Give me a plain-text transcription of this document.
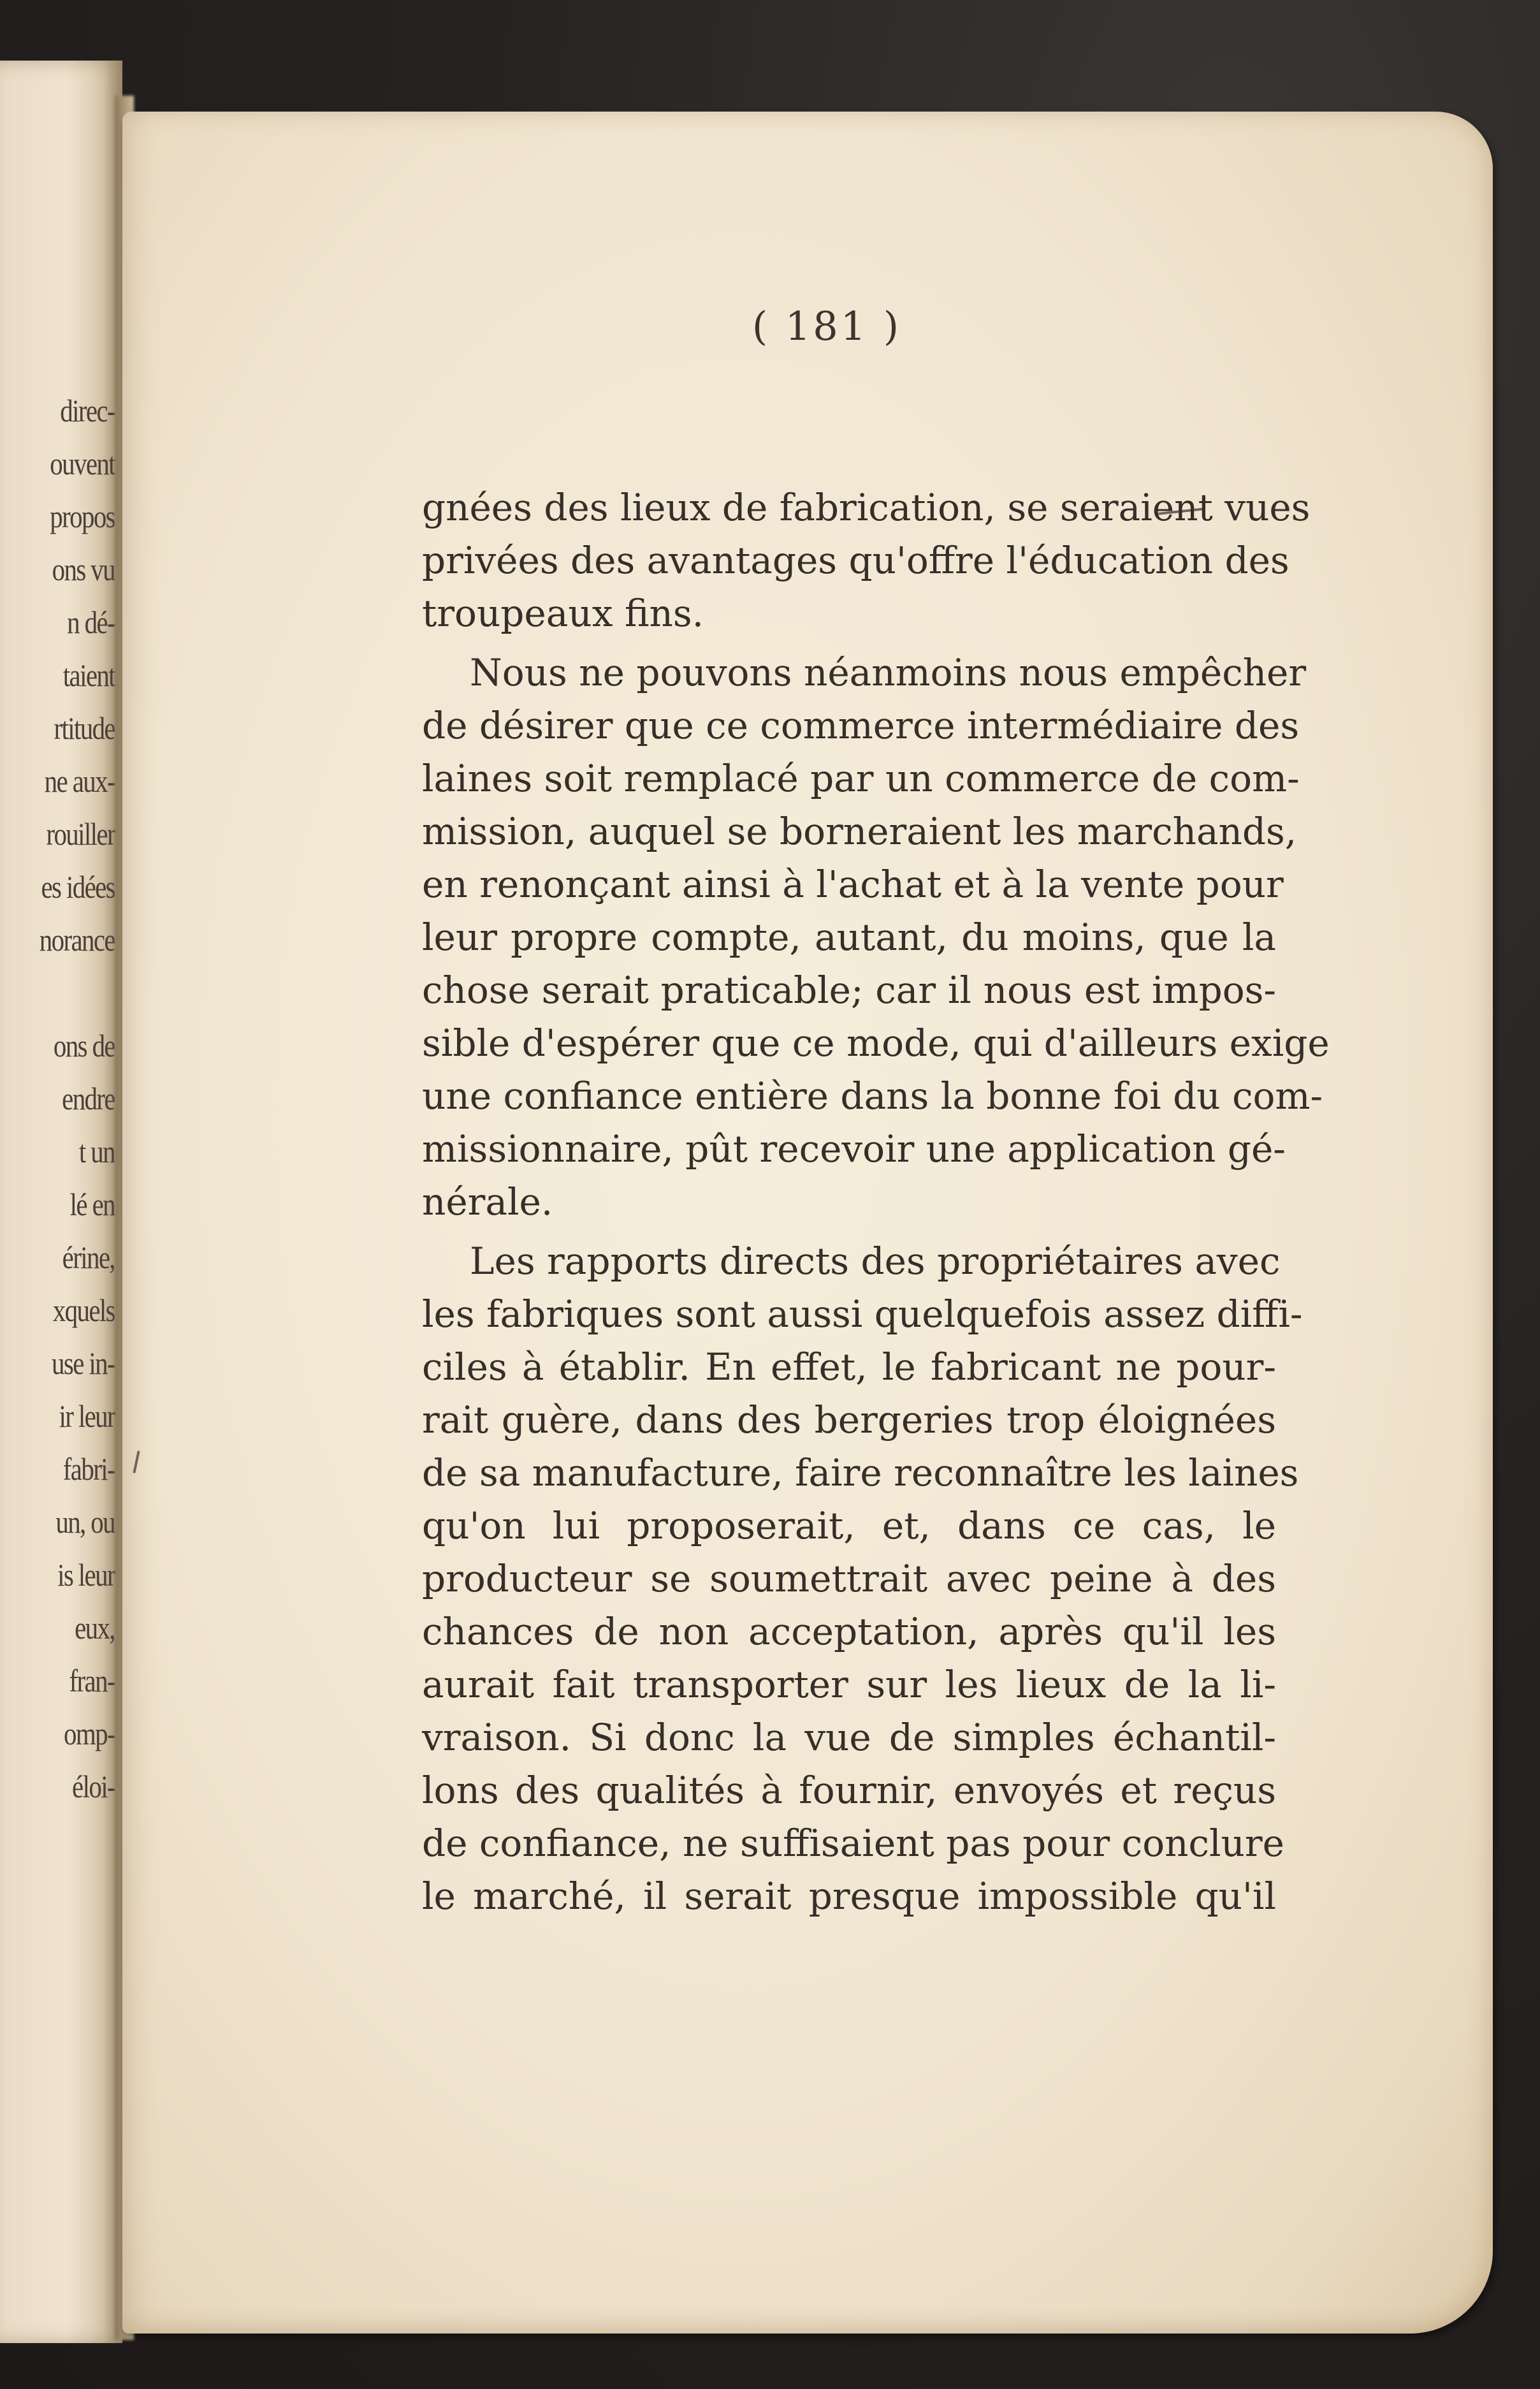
direc-
ouvent
propos
ons vu
n dé-
taient
rtitude
ne aux-
rouiller
es idées
norance
ons de
endre
t un
lé en
érine,
xquels
use in-
ir leur
fabri-
un, ou
is leur
eux,
fran-
omp-
éloi-
( 181 )
gnées des lieux de fabrication, se seraient vues
privées des avantages qu'offre l'éducation des
troupeaux fins.
Nous ne pouvons néanmoins nous empêcher
de désirer que ce commerce intermédiaire des
laines soit remplacé par un commerce de com-
mission, auquel se borneraient les marchands,
en renonçant ainsi à l'achat et à la vente pour
leur propre compte, autant, du moins, que la
chose serait praticable; car il nous est impos-
sible d'espérer que ce mode, qui d'ailleurs exige
une confiance entière dans la bonne foi du com-
missionnaire, pût recevoir une application gé-
nérale.
Les rapports directs des propriétaires avec
les fabriques sont aussi quelquefois assez diffi-
ciles à établir. En effet, le fabricant ne pour-
rait guère, dans des bergeries trop éloignées
de sa manufacture, faire reconnaître les laines
qu'on lui proposerait, et, dans ce cas, le
producteur se soumettrait avec peine à des
chances de non acceptation, après qu'il les
aurait fait transporter sur les lieux de la li-
vraison. Si donc la vue de simples échantil-
lons des qualités à fournir, envoyés et reçus
de confiance, ne suffisaient pas pour conclure
le marché, il serait presque impossible qu'il
